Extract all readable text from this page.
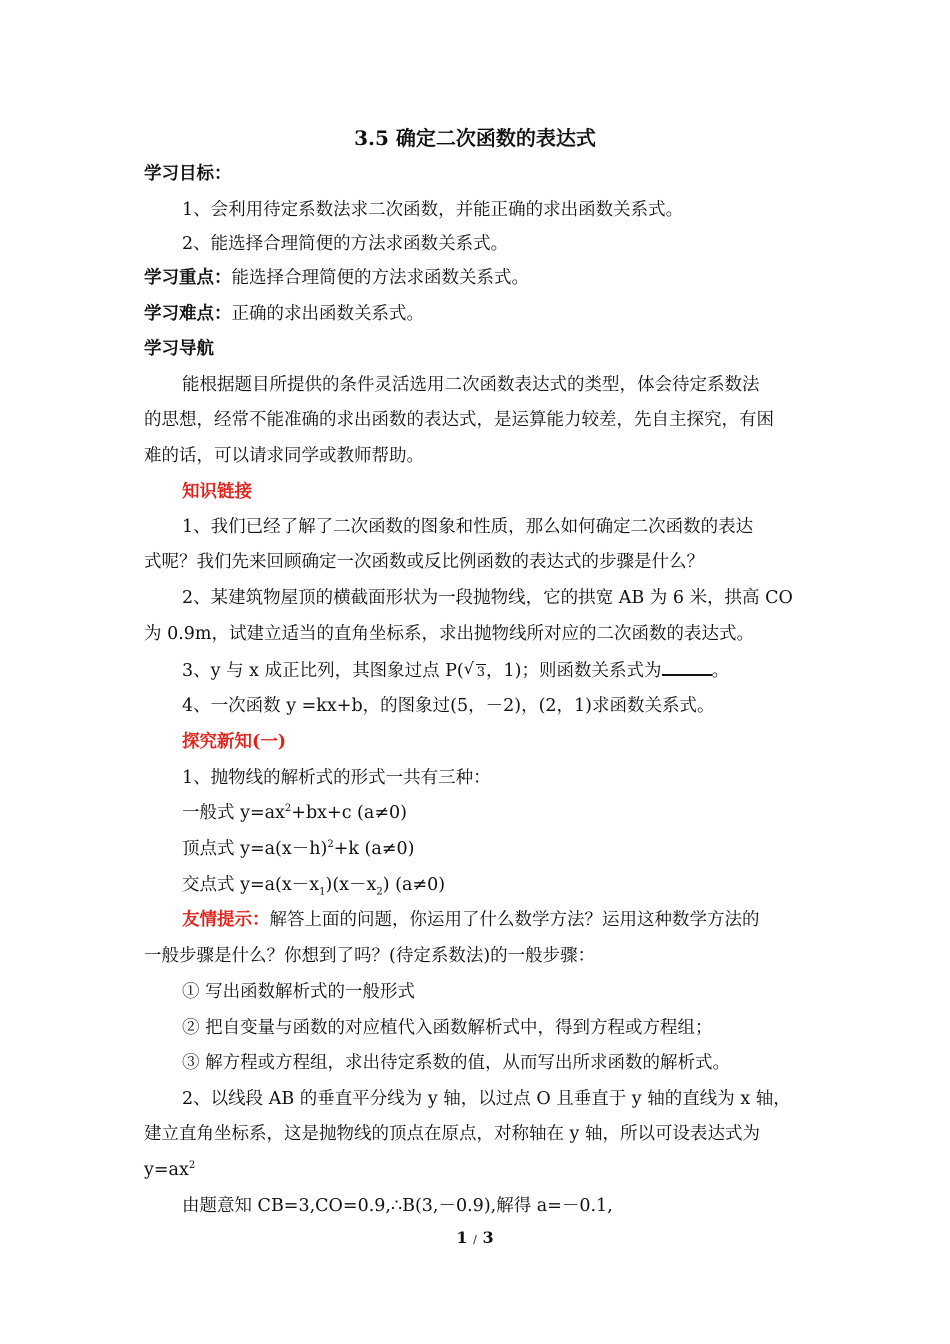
3.5 确定二次函数的表达式
学习目标：
1、会利用待定系数法求二次函数，并能正确的求出函数关系式。
2、能选择合理简便的方法求函数关系式。
学习重点：能选择合理简便的方法求函数关系式。
学习难点：正确的求出函数关系式。
学习导航
能根据题目所提供的条件灵活选用二次函数表达式的类型，体会待定系数法
的思想，经常不能准确的求出函数的表达式，是运算能力较差，先自主探究，有困
难的话，可以请求同学或教师帮助。
知识链接
1、我们已经了解了二次函数的图象和性质，那么如何确定二次函数的表达
式呢？我们先来回顾确定一次函数或反比例函数的表达式的步骤是什么？
2、某建筑物屋顶的横截面形状为一段抛物线，它的拱宽 AB 为 6 米，拱高 CO
为 0.9m，试建立适当的直角坐标系，求出抛物线所对应的二次函数的表达式。
3、y 与 x 成正比列，其图象过点 P(√ 3，1)；则函数关系式为	。
4、一次函数 y =kx+b，的图象过(5，－2)，(2，1)求函数关系式。
探究新知(一)
1、抛物线的解析式的形式一共有三种：
一般式 $y=ax^2+bx+c$ (a≠0)
顶点式 $y=a(x-h)^2+k$ (a≠0)
交点式 $y=a(x-x_1)(x-x_2)$ (a≠0)
友情提示：解答上面的问题，你运用了什么数学方法？运用这种数学方法的
一般步骤是什么？你想到了吗？(待定系数法)的一般步骤：
① 写出函数解析式的一般形式
② 把自变量与函数的对应植代入函数解析式中，得到方程或方程组；
③ 解方程或方程组，求出待定系数的值，从而写出所求函数的解析式。
2、以线段 AB 的垂直平分线为 y 轴，以过点 O 且垂直于 y 轴的直线为 x 轴，
建立直角坐标系，这是抛物线的顶点在原点，对称轴在 y 轴，所以可设表达式为
$y=ax^2$
由题意知 CB=3,CO=0.9,∴B(3,－0.9),解得 a=－0.1,
1 / 3
